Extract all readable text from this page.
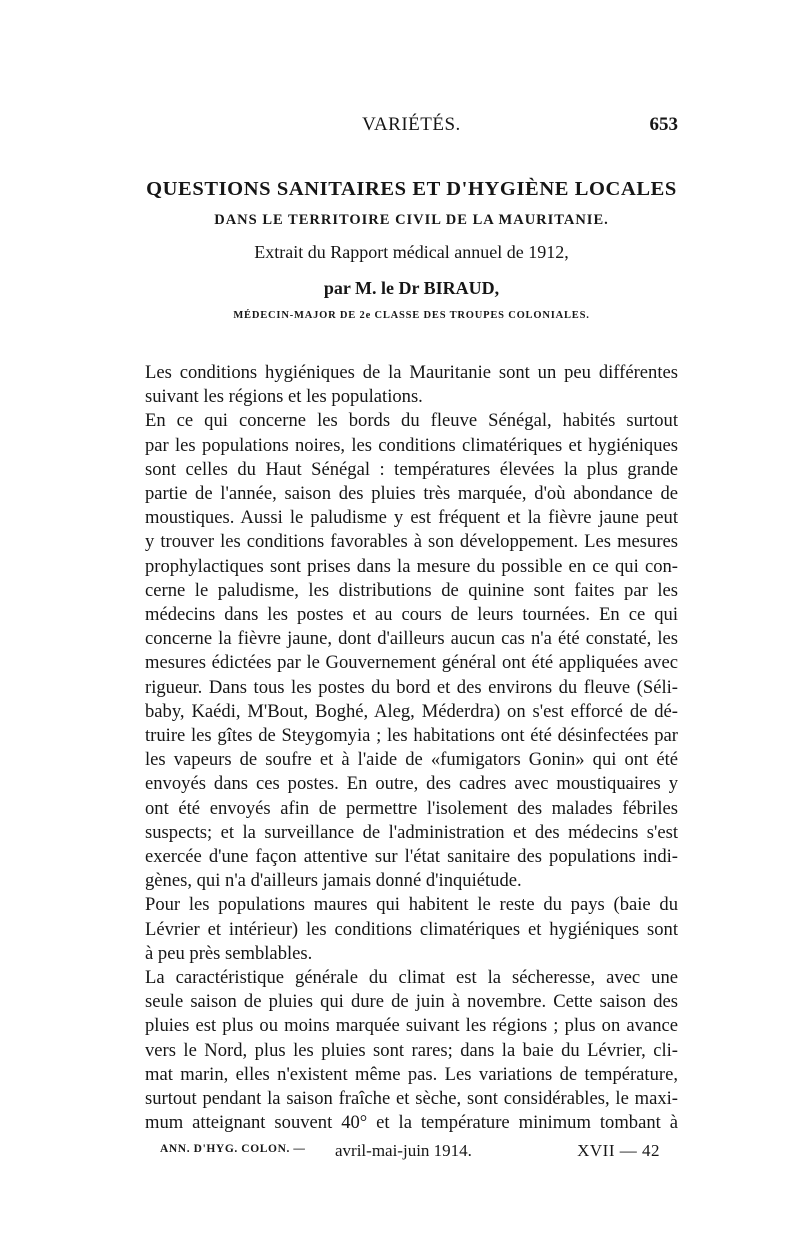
VARIÉTÉS.	653
QUESTIONS SANITAIRES ET D'HYGIÈNE LOCALES
DANS LE TERRITOIRE CIVIL DE LA MAURITANIE.
Extrait du Rapport médical annuel de 1912,
par M. le Dr BIRAUD,
MÉDECIN-MAJOR DE 2e CLASSE DES TROUPES COLONIALES.
Les conditions hygiéniques de la Mauritanie sont un peu différentes
suivant les régions et les populations.
En ce qui concerne les bords du fleuve Sénégal, habités surtout
par les populations noires, les conditions climatériques et hygiéniques
sont celles du Haut Sénégal : températures élevées la plus grande
partie de l'année, saison des pluies très marquée, d'où abondance de
moustiques. Aussi le paludisme y est fréquent et la fièvre jaune peut
y trouver les conditions favorables à son développement. Les mesures
prophylactiques sont prises dans la mesure du possible en ce qui con-
cerne le paludisme, les distributions de quinine sont faites par les
médecins dans les postes et au cours de leurs tournées. En ce qui
concerne la fièvre jaune, dont d'ailleurs aucun cas n'a été constaté, les
mesures édictées par le Gouvernement général ont été appliquées avec
rigueur. Dans tous les postes du bord et des environs du fleuve (Séli-
baby, Kaédi, M'Bout, Boghé, Aleg, Méderdra) on s'est efforcé de dé-
truire les gîtes de Steygomyia ; les habitations ont été désinfectées par
les vapeurs de soufre et à l'aide de «fumigators Gonin» qui ont été
envoyés dans ces postes. En outre, des cadres avec moustiquaires y
ont été envoyés afin de permettre l'isolement des malades fébriles
suspects; et la surveillance de l'administration et des médecins s'est
exercée d'une façon attentive sur l'état sanitaire des populations indi-
gènes, qui n'a d'ailleurs jamais donné d'inquiétude.
Pour les populations maures qui habitent le reste du pays (baie du
Lévrier et intérieur) les conditions climatériques et hygiéniques sont
à peu près semblables.
La caractéristique générale du climat est la sécheresse, avec une
seule saison de pluies qui dure de juin à novembre. Cette saison des
pluies est plus ou moins marquée suivant les régions ; plus on avance
vers le Nord, plus les pluies sont rares; dans la baie du Lévrier, cli-
mat marin, elles n'existent même pas. Les variations de température,
surtout pendant la saison fraîche et sèche, sont considérables, le maxi-
mum atteignant souvent 40° et la température minimum tombant à
ANN. D'HYG. COLON. — avril-mai-juin 1914.	XVII — 42
